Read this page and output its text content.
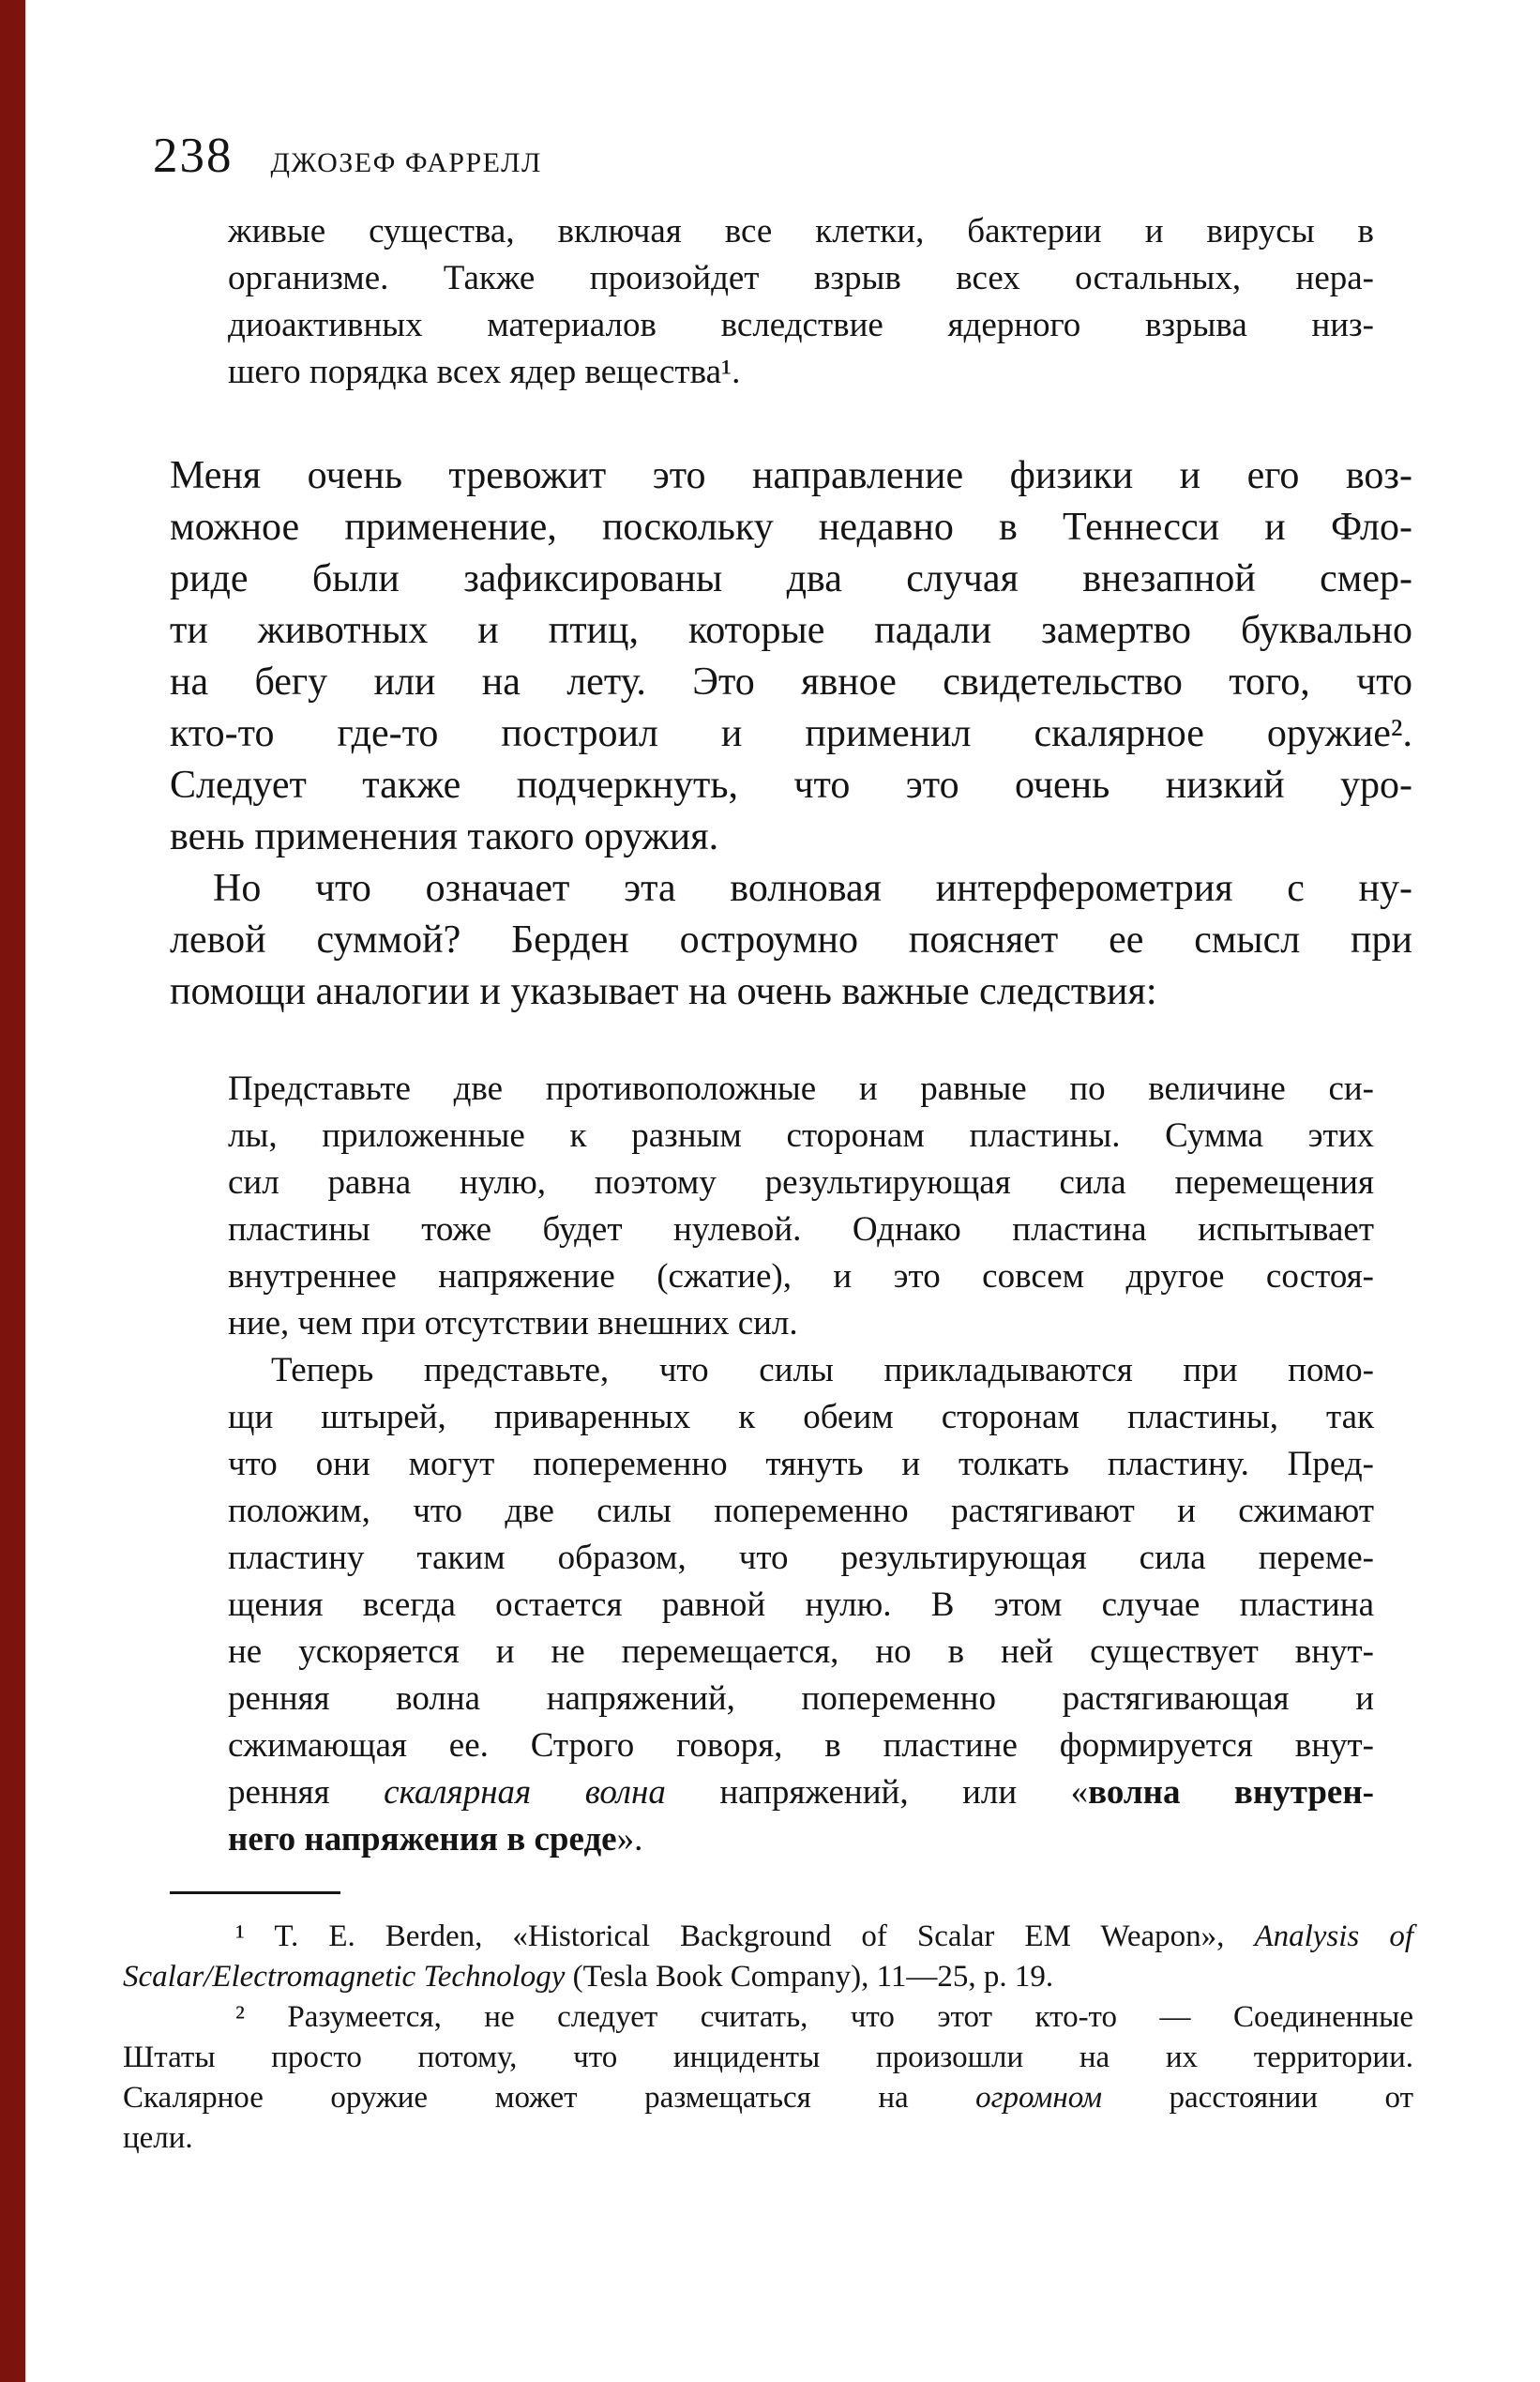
238 ДЖОЗЕФ ФАРРЕЛЛ
живые существа, включая все клетки, бактерии и вирусы в
организме. Также произойдет взрыв всех остальных, нера-
диоактивных материалов вследствие ядерного взрыва низ-
шего порядка всех ядер вещества¹.
Меня очень тревожит это направление физики и его воз-
можное применение, поскольку недавно в Теннесси и Фло-
риде были зафиксированы два случая внезапной смер-
ти животных и птиц, которые падали замертво буквально
на бегу или на лету. Это явное свидетельство того, что
кто-то где-то построил и применил скалярное оружие².
Следует также подчеркнуть, что это очень низкий уро-
вень применения такого оружия.
Но что означает эта волновая интерферометрия с ну-
левой суммой? Берден остроумно поясняет ее смысл при
помощи аналогии и указывает на очень важные следствия:
Представьте две противоположные и равные по величине си-
лы, приложенные к разным сторонам пластины. Сумма этих
сил равна нулю, поэтому результирующая сила перемещения
пластины тоже будет нулевой. Однако пластина испытывает
внутреннее напряжение (сжатие), и это совсем другое состоя-
ние, чем при отсутствии внешних сил.
Теперь представьте, что силы прикладываются при помо-
щи штырей, приваренных к обеим сторонам пластины, так
что они могут попеременно тянуть и толкать пластину. Пред-
положим, что две силы попеременно растягивают и сжимают
пластину таким образом, что результирующая сила переме-
щения всегда остается равной нулю. В этом случае пластина
не ускоряется и не перемещается, но в ней существует внут-
ренняя волна напряжений, попеременно растягивающая и
сжимающая ее. Строго говоря, в пластине формируется внут-
ренняя скалярная волна напряжений, или «волна внутрен-
него напряжения в среде».
¹ T. E. Berden, «Historical Background of Scalar EM Weapon», Analysis of
Scalar/Electromagnetic Technology (Tesla Book Company), 11—25, p. 19.
² Разумеется, не следует считать, что этот кто-то — Соединенные
Штаты просто потому, что инциденты произошли на их территории.
Скалярное оружие может размещаться на огромном расстоянии от
цели.
